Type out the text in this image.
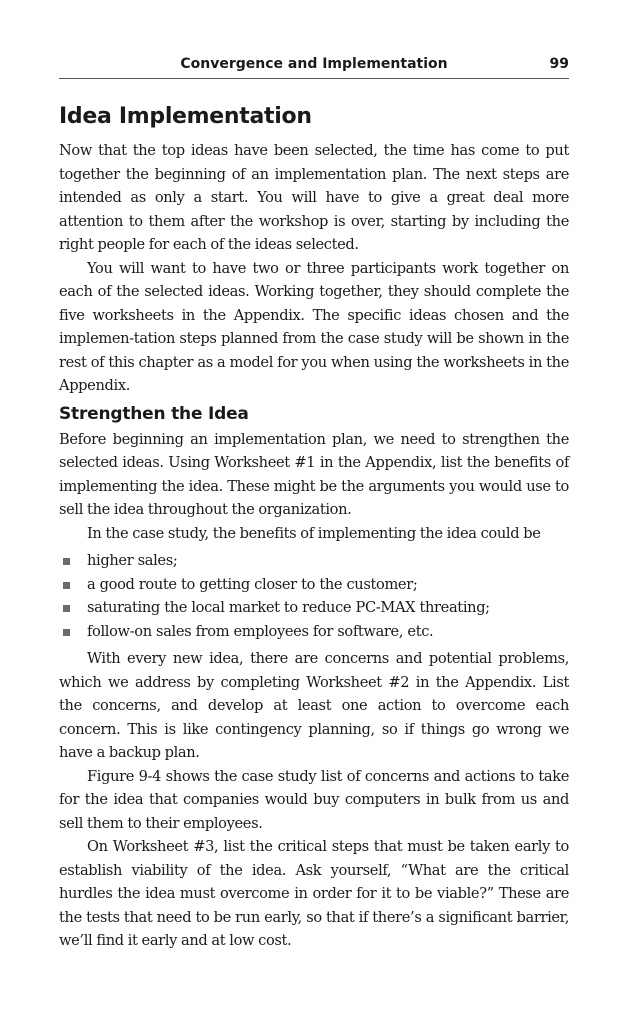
Convergence and Implementation	99
Idea Implementation

Now that the top ideas have been selected, the time has come to put together the beginning of an implementation plan. The next steps are intended as only a start. You will have to give a great deal more attention to them after the workshop is over, starting by including the right people for each of the ideas selected.

You will want to have two or three participants work together on each of the selected ideas. Working together, they should complete the five worksheets in the Appendix. The specific ideas chosen and the implemen-tation steps planned from the case study will be shown in the rest of this chapter as a model for you when using the worksheets in the Appendix.

Strengthen the Idea

Before beginning an implementation plan, we need to strengthen the selected ideas. Using Worksheet #1 in the Appendix, list the benefits of implementing the idea. These might be the arguments you would use to sell the idea throughout the organization.

In the case study, the benefits of implementing the idea could be

higher sales;
a good route to getting closer to the customer;
saturating the local market to reduce PC-MAX threating;
follow-on sales from employees for software, etc.

With every new idea, there are concerns and potential problems, which we address by completing Worksheet #2 in the Appendix. List the concerns, and develop at least one action to overcome each concern. This is like contingency planning, so if things go wrong we have a backup plan.

Figure 9-4 shows the case study list of concerns and actions to take for the idea that companies would buy computers in bulk from us and sell them to their employees.

On Worksheet #3, list the critical steps that must be taken early to establish viability of the idea. Ask yourself, “What are the critical hurdles the idea must overcome in order for it to be viable?” These are the tests that need to be run early, so that if there’s a significant barrier, we’ll find it early and at low cost.
